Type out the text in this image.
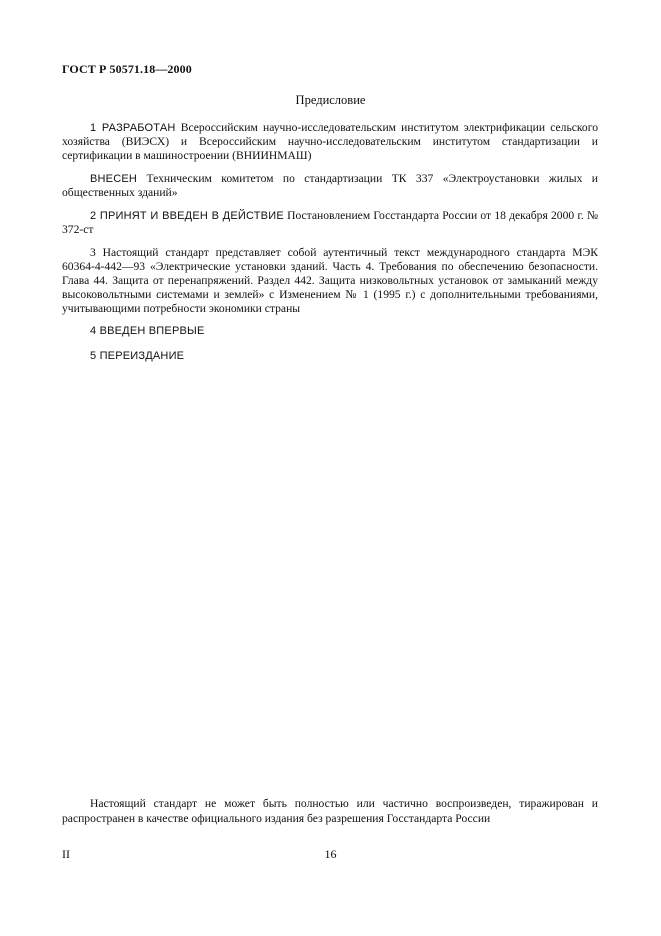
ГОСТ Р 50571.18—2000
Предисловие

1 РАЗРАБОТАН Всероссийским научно-исследовательским институтом электрификации сельского хозяйства (ВИЭСХ) и Всероссийским научно-исследовательским институтом стандартизации и сертификации в машиностроении (ВНИИНМАШ)

ВНЕСЕН Техническим комитетом по стандартизации ТК 337 «Электроустановки жилых и общественных зданий»

2 ПРИНЯТ И ВВЕДЕН В ДЕЙСТВИЕ Постановлением Госстандарта России от 18 декабря 2000 г. № 372-ст

3 Настоящий стандарт представляет собой аутентичный текст международного стандарта МЭК 60364-4-442—93 «Электрические установки зданий. Часть 4. Требования по обеспечению безопасности. Глава 44. Защита от перенапряжений. Раздел 442. Защита низковольтных установок от замыканий между высоковольтными системами и землей» с Изменением № 1 (1995 г.) с дополнительными требованиями, учитывающими потребности экономики страны

4 ВВЕДЕН ВПЕРВЫЕ

5 ПЕРЕИЗДАНИЕ

Настоящий стандарт не может быть полностью или частично воспроизведен, тиражирован и распространен в качестве официального издания без разрешения Госстандарта России

II	16
